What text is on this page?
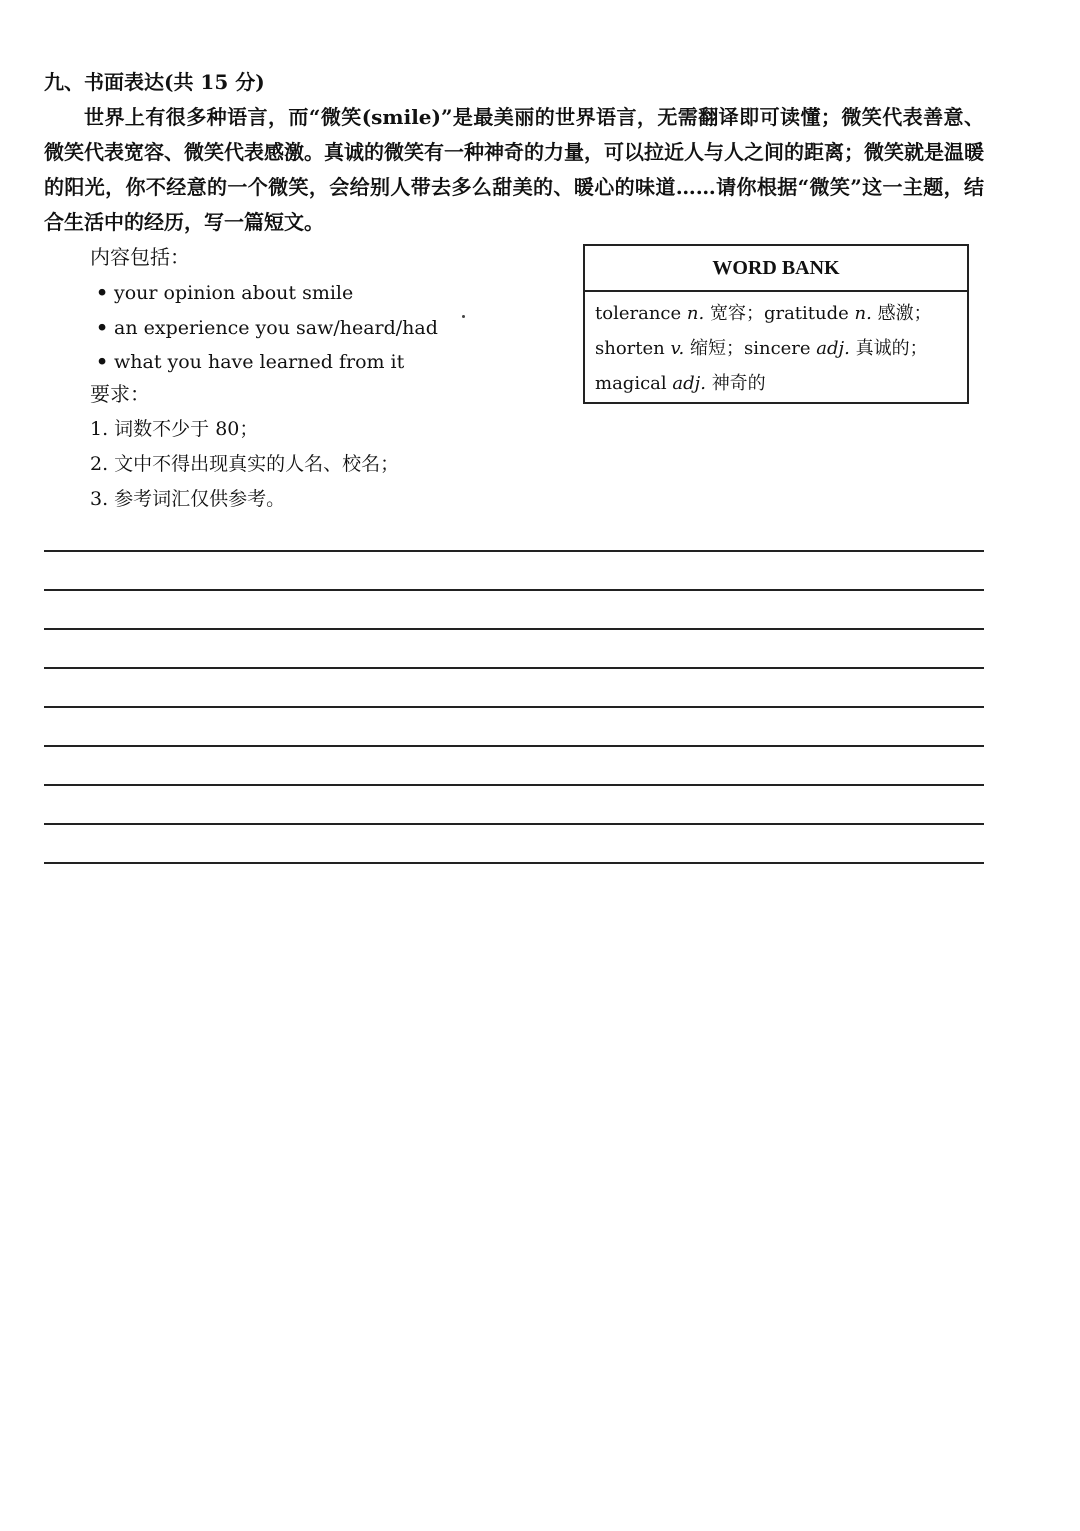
九、书面表达(共 15 分)

世界上有很多种语言，而“微笑(smile)”是最美丽的世界语言，无需翻译即可读懂；微笑代表善意、微笑代表宽容、微笑代表感激。真诚的微笑有一种神奇的力量，可以拉近人与人之间的距离；微笑就是温暖的阳光，你不经意的一个微笑，会给别人带去多么甜美的、暖心的味道……请你根据“微笑”这一主题，结合生活中的经历，写一篇短文。

内容包括：
• your opinion about smile
• an experience you saw/heard/had
• what you have learned from it
要求：
1. 词数不少于 80；
2. 文中不得出现真实的人名、校名；
3. 参考词汇仅供参考。
WORD BANK
tolerance n. 宽容；gratitude n. 感激；
shorten v. 缩短；sincere adj. 真诚的；
magical adj. 神奇的
